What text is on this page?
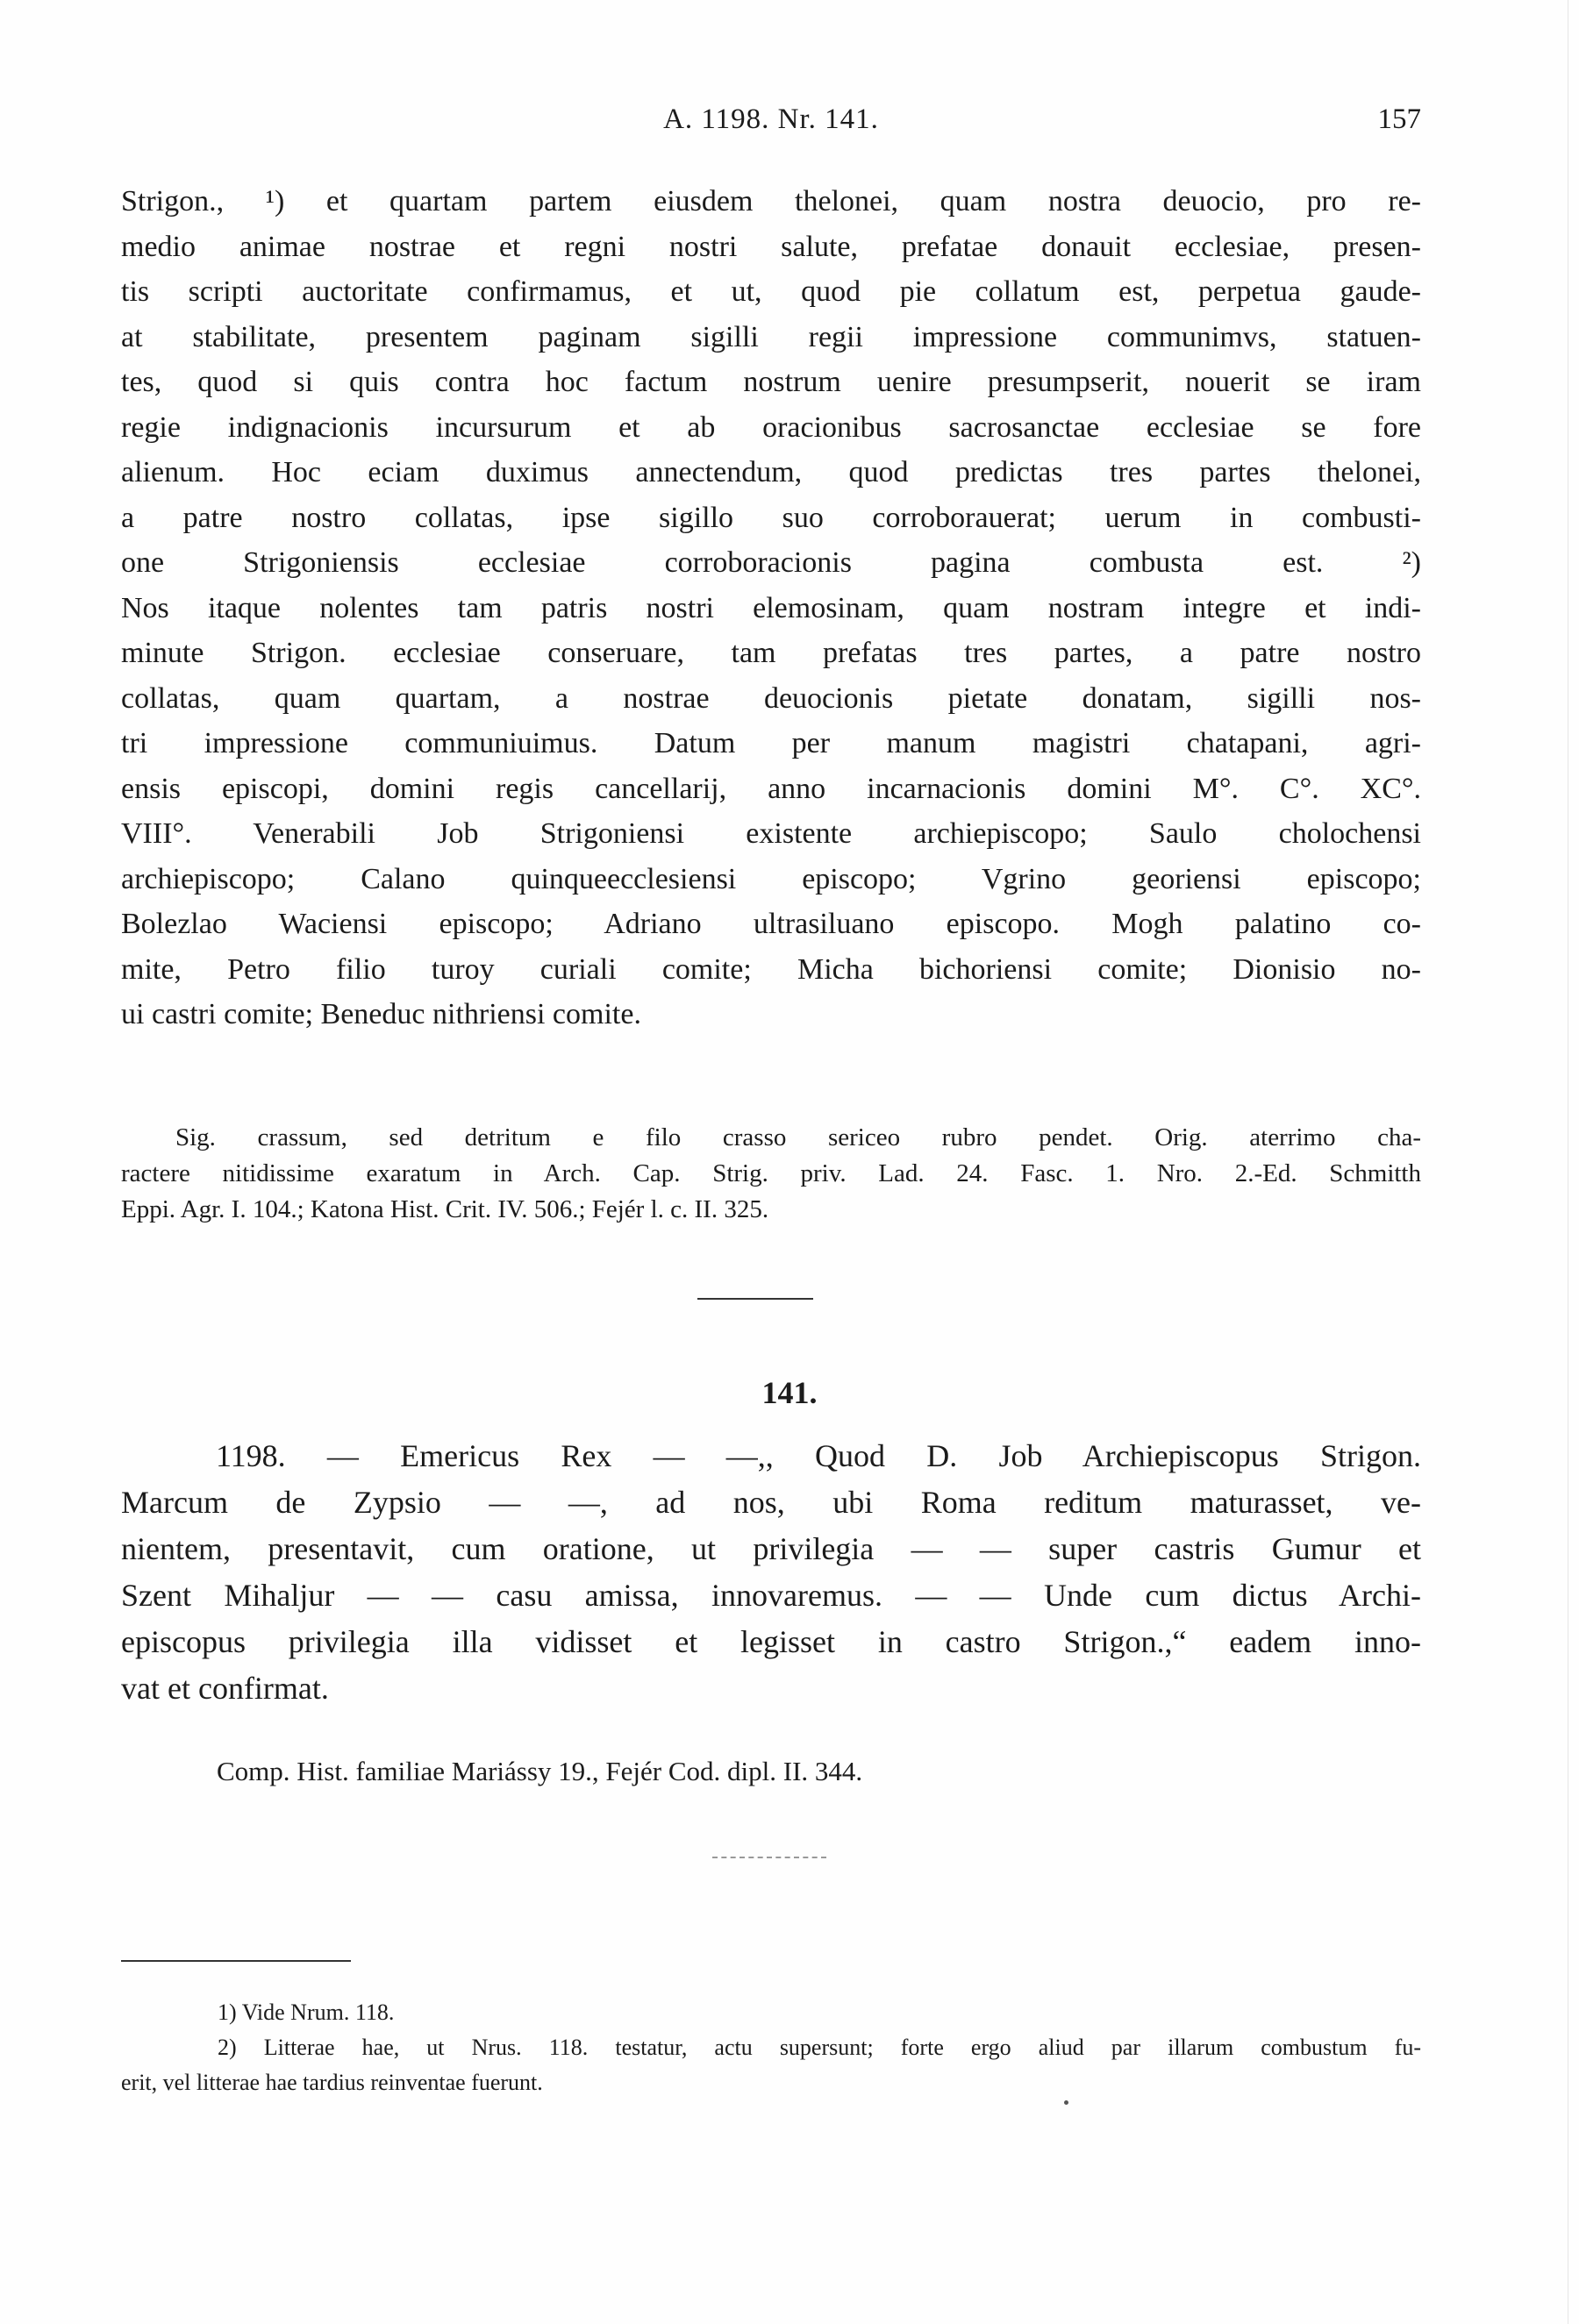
A. 1198. Nr. 141.	157
Strigon., ¹) et quartam partem eiusdem thelonei, quam nostra deuocio, pro re-
medio animae nostrae et regni nostri salute, prefatae donauit ecclesiae, presen-
tis scripti auctoritate confirmamus, et ut, quod pie collatum est, perpetua gaude-
at stabilitate, presentem paginam sigilli regii impressione communimvs, statuen-
tes, quod si quis contra hoc factum nostrum uenire presumpserit, nouerit se iram
regie indignacionis incursurum et ab oracionibus sacrosanctae ecclesiae se fore
alienum. Hoc eciam duximus annectendum, quod predictas tres partes thelonei,
a patre nostro collatas, ipse sigillo suo corroborauerat; uerum in combusti-
one Strigoniensis ecclesiae corroboracionis pagina combusta est. ²)
Nos itaque nolentes tam patris nostri elemosinam, quam nostram integre et indi-
minute Strigon. ecclesiae conseruare, tam prefatas tres partes, a patre nostro
collatas, quam quartam, a nostrae deuocionis pietate donatam, sigilli nos-
tri impressione communiuimus. Datum per manum magistri chatapani, agri-
ensis episcopi, domini regis cancellarij, anno incarnacionis domini M°. C°. XC°.
VIII°. Venerabili Job Strigoniensi existente archiepiscopo; Saulo cholochensi
archiepiscopo; Calano quinqueecclesiensi episcopo; Vgrino georiensi episcopo;
Bolezlao Waciensi episcopo; Adriano ultrasiluano episcopo. Mogh palatino co-
mite, Petro filio turoy curiali comite; Micha bichoriensi comite; Dionisio no-
ui castri comite; Beneduc nithriensi comite.
Sig. crassum, sed detritum e filo crasso sericeo rubro pendet. Orig. aterrimo cha-
ractere nitidissime exaratum in Arch. Cap. Strig. priv. Lad. 24. Fasc. 1. Nro. 2.-Ed. Schmitth
Eppi. Agr. I. 104.; Katona Hist. Crit. IV. 506.; Fejér l. c. II. 325.
141.
1198. — Emericus Rex — —,, Quod D. Job Archiepiscopus Strigon.
Marcum de Zypsio — —, ad nos, ubi Roma reditum maturasset, ve-
nientem, presentavit, cum oratione, ut privilegia — — super castris Gumur et
Szent Mihaljur — — casu amissa, innovaremus. — — Unde cum dictus Archi-
episcopus privilegia illa vidisset et legisset in castro Strigon.,“ eadem inno-
vat et confirmat.
Comp. Hist. familiae Mariássy 19., Fejér Cod. dipl. II. 344.
1) Vide Nrum. 118.
2) Litterae hae, ut Nrus. 118. testatur, actu supersunt; forte ergo aliud par illarum combustum fu-
erit, vel litterae hae tardius reinventae fuerunt.
